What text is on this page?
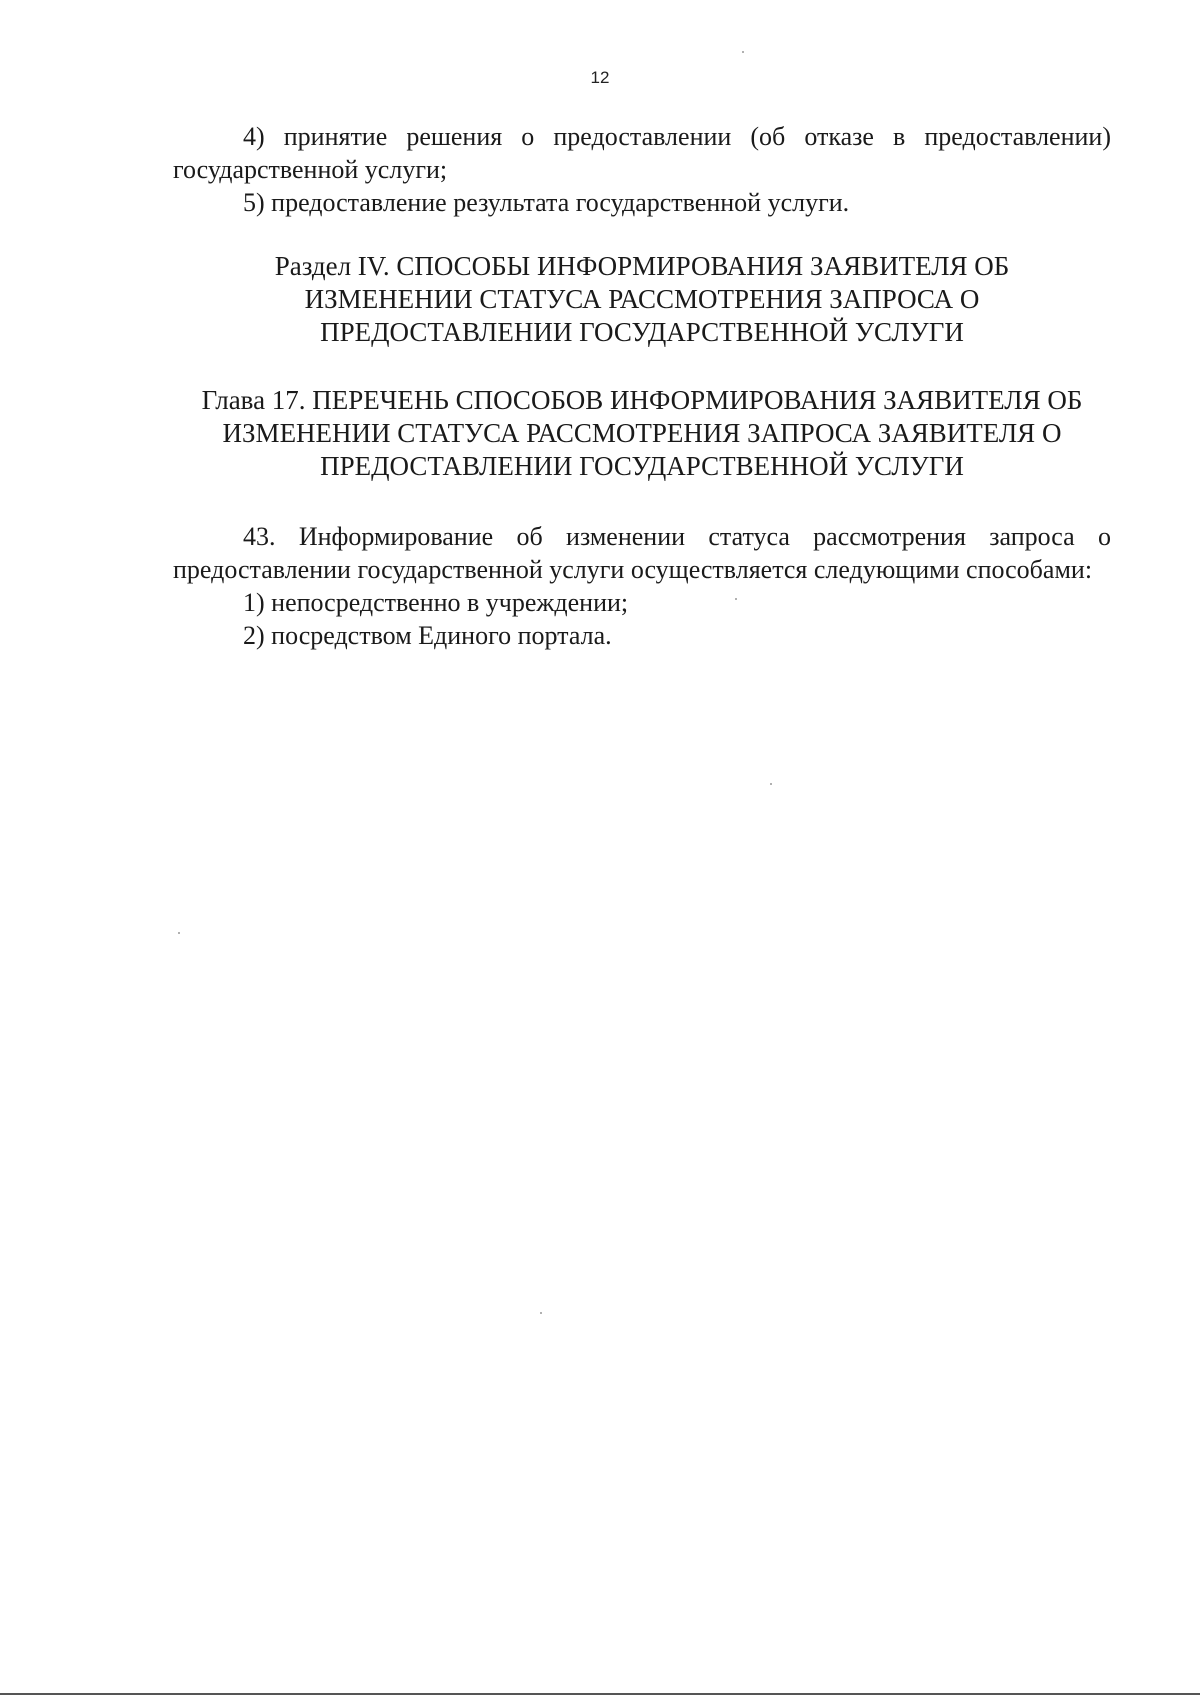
12

4) принятие решения о предоставлении (об отказе в предоставлении) государственной услуги;

5) предоставление результата государственной услуги.

Раздел IV. СПОСОБЫ ИНФОРМИРОВАНИЯ ЗАЯВИТЕЛЯ ОБ
ИЗМЕНЕНИИ СТАТУСА РАССМОТРЕНИЯ ЗАПРОСА О
ПРЕДОСТАВЛЕНИИ ГОСУДАРСТВЕННОЙ УСЛУГИ
Глава 17. ПЕРЕЧЕНЬ СПОСОБОВ ИНФОРМИРОВАНИЯ ЗАЯВИТЕЛЯ ОБ
ИЗМЕНЕНИИ СТАТУСА РАССМОТРЕНИЯ ЗАПРОСА ЗАЯВИТЕЛЯ О
ПРЕДОСТАВЛЕНИИ ГОСУДАРСТВЕННОЙ УСЛУГИ

43. Информирование об изменении статуса рассмотрения запроса о предоставлении государственной услуги осуществляется следующими способами:

1) непосредственно в учреждении;

2) посредством Единого портала.
